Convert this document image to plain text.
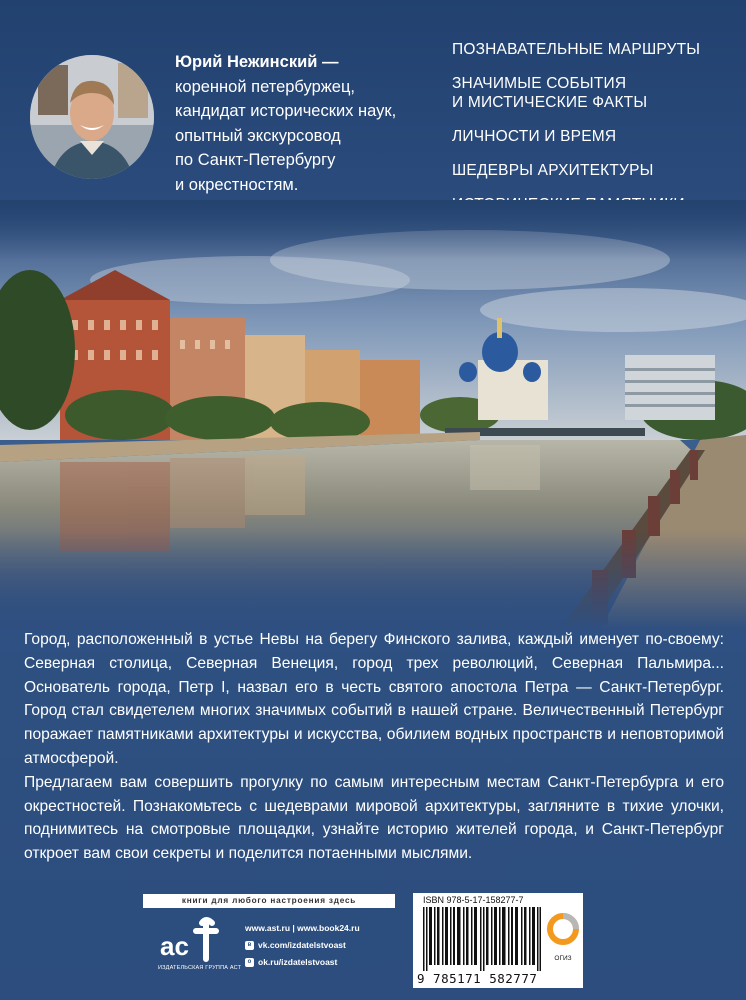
Юрий Нежинский —
коренной петербуржец,
кандидат исторических наук,
опытный экскурсовод
по Санкт-Петербургу
и окрестностям.
ПОЗНАВАТЕЛЬНЫЕ МАРШРУТЫ
ЗНАЧИМЫЕ СОБЫТИЯ
И МИСТИЧЕСКИЕ ФАКТЫ
ЛИЧНОСТИ И ВРЕМЯ
ШЕДЕВРЫ АРХИТЕКТУРЫ

Город, расположенный в устье Невы на берегу Финского залива, каждый именует по-своему: Северная столица, Северная Венеция, город трех революций, Северная Пальмира... Основатель города, Петр I, назвал его в честь святого апостола Петра — Санкт-Петербург. Город стал свидетелем многих значимых событий в нашей стране. Величественный Петербург поражает памятниками архитектуры и искусства, обилием водных пространств и неповторимой атмосферой.

Предлагаем вам совершить прогулку по самым интересным местам Санкт-Петербурга и его окрестностей. Познакомьтесь с шедеврами мировой архитектуры, загляните в тихие улочки, поднимитесь на смотровые площадки, узнайте историю жителей города, и Санкт-Петербург откроет вам свои секреты и поделится потаенными мыслями.

книги для любого настроения здесь
ac
ИЗДАТЕЛЬСКАЯ ГРУППА АСТ
www.ast.ru | www.book24.ru
в vk.com/izdatelstvoast
о ok.ru/izdatelstvoast
ISBN 978-5-17-158277-7
9 785171 582777
ОГИЗ
